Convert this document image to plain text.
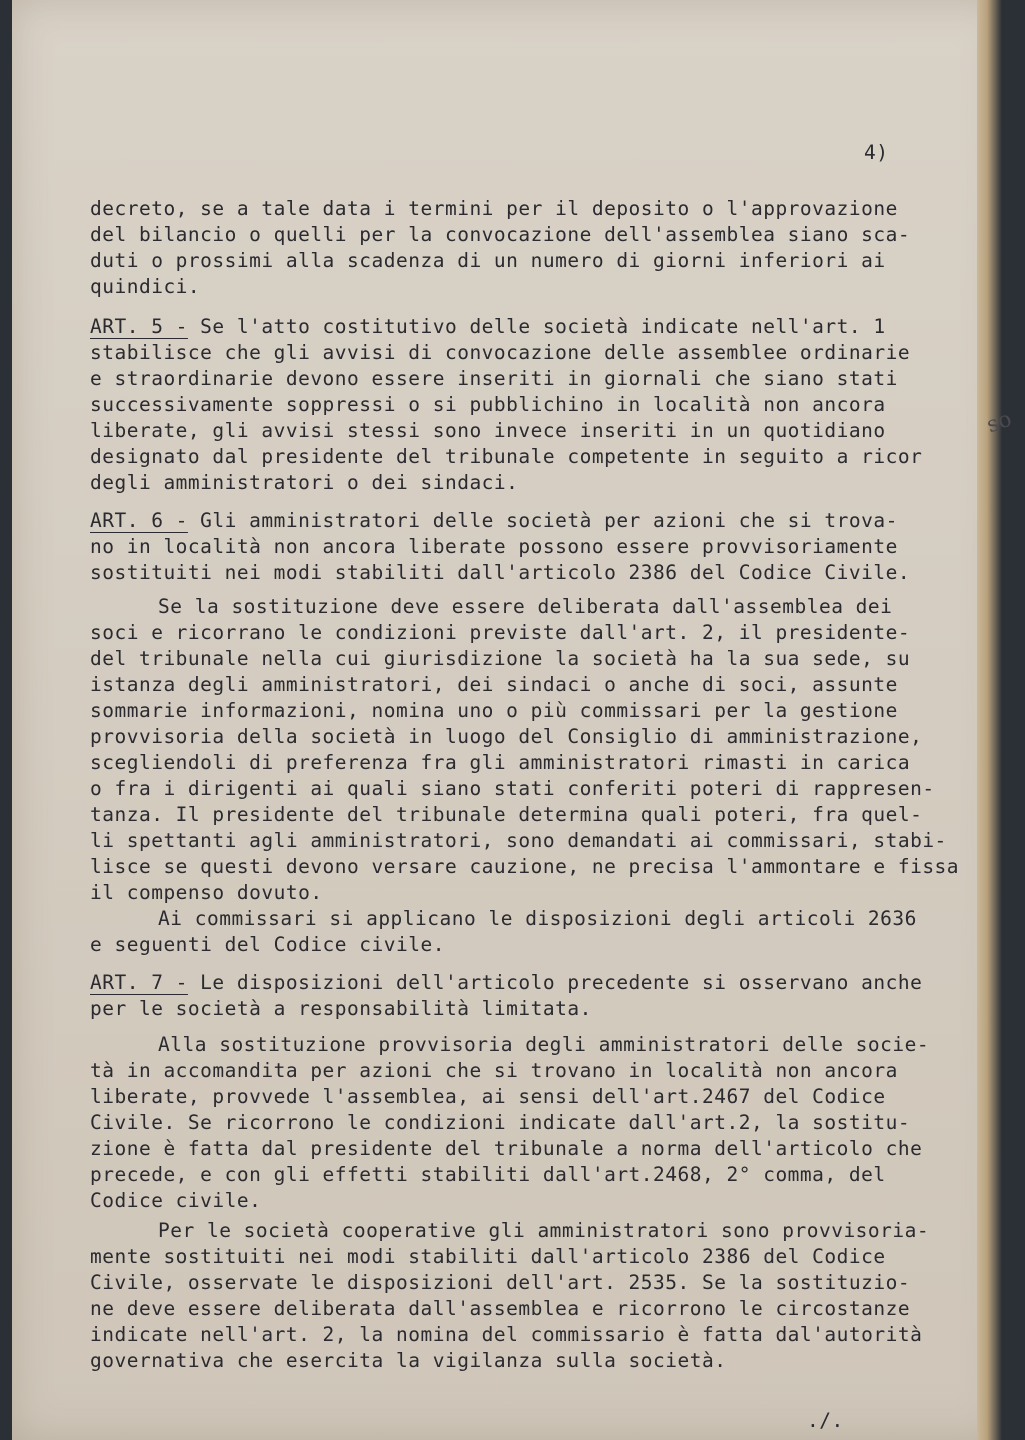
4)
decreto, se a tale data i termini per il deposito o l'approvazione
del bilancio o quelli per la convocazione dell'assemblea siano sca-
duti o prossimi alla scadenza di un numero di giorni inferiori ai
quindici.
ART. 5 - Se l'atto costitutivo delle società indicate nell'art. 1
stabilisce che gli avvisi di convocazione delle assemblee ordinarie
e straordinarie devono essere inseriti in giornali che siano stati
successivamente soppressi o si pubblichino in località non ancora
liberate, gli avvisi stessi sono invece inseriti in un quotidiano
designato dal presidente del tribunale competente in seguito a ricor
degli amministratori o dei sindaci.
ART. 6 - Gli amministratori delle società per azioni che si trova-
no in località non ancora liberate possono essere provvisoriamente
sostituiti nei modi stabiliti dall'articolo 2386 del Codice Civile.
Se la sostituzione deve essere deliberata dall'assemblea dei
soci e ricorrano le condizioni previste dall'art. 2, il presidente-
del tribunale nella cui giurisdizione la società ha la sua sede, su
istanza degli amministratori, dei sindaci o anche di soci, assunte
sommarie informazioni, nomina uno o più commissari per la gestione
provvisoria della società in luogo del Consiglio di amministrazione,
scegliendoli di preferenza fra gli amministratori rimasti in carica
o fra i dirigenti ai quali siano stati conferiti poteri di rappresen-
tanza. Il presidente del tribunale determina quali poteri, fra quel-
li spettanti agli amministratori, sono demandati ai commissari, stabi-
lisce se questi devono versare cauzione, ne precisa l'ammontare e fissa
il compenso dovuto.
Ai commissari si applicano le disposizioni degli articoli 2636
e seguenti del Codice civile.
ART. 7 - Le disposizioni dell'articolo precedente si osservano anche
per le società a responsabilità limitata.
Alla sostituzione provvisoria degli amministratori delle socie-
tà in accomandita per azioni che si trovano in località non ancora
liberate, provvede l'assemblea, ai sensi dell'art.2467 del Codice
Civile. Se ricorrono le condizioni indicate dall'art.2, la sostitu-
zione è fatta dal presidente del tribunale a norma dell'articolo che
precede, e con gli effetti stabiliti dall'art.2468, 2° comma, del
Codice civile.
Per le società cooperative gli amministratori sono provvisoria-
mente sostituiti nei modi stabiliti dall'articolo 2386 del Codice
Civile, osservate le disposizioni dell'art. 2535. Se la sostituzio-
ne deve essere deliberata dall'assemblea e ricorrono le circostanze
indicate nell'art. 2, la nomina del commissario è fatta dal'autorità
governativa che esercita la vigilanza sulla società.
so
./.
